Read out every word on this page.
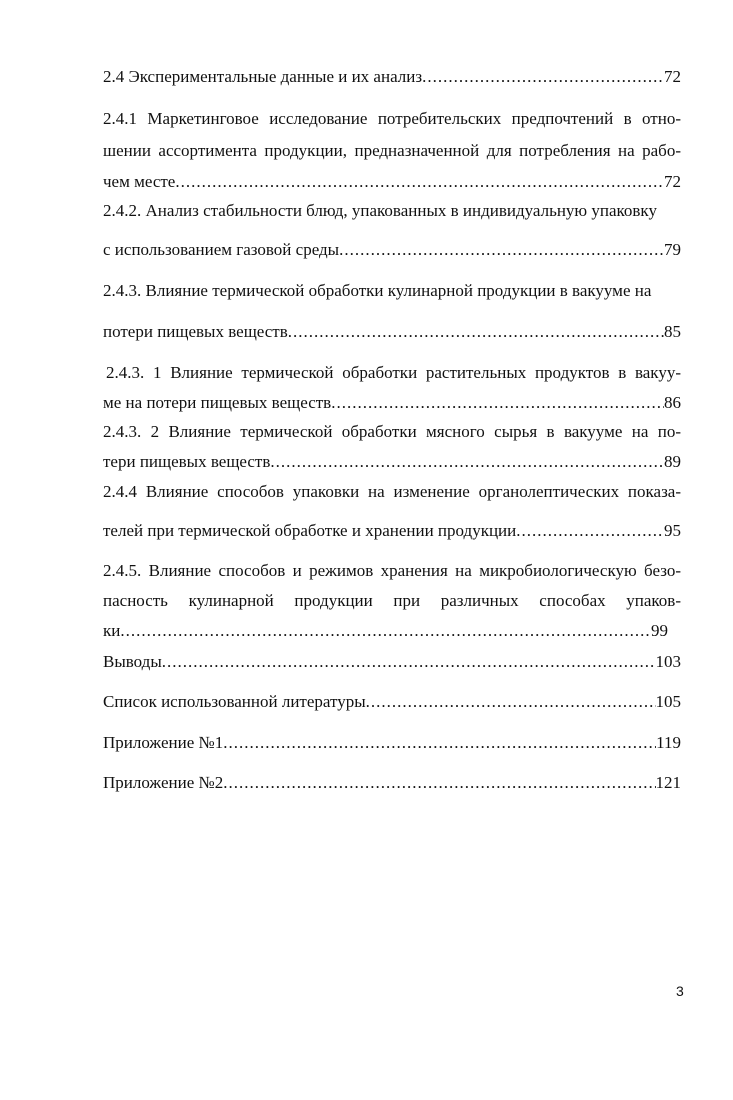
2.4 Экспериментальные данные и их анализ .....	72
2.4.1 Маркетинговое исследование потребительских предпочтений в отно-
шении ассортимента продукции, предназначенной для потребления на рабо-
чем месте .....	72
2.4.2. Анализ стабильности блюд, упакованных в индивидуальную упаковку
с использованием газовой среды .....	79
2.4.3. Влияние термической обработки кулинарной продукции в вакууме на
потери пищевых веществ .....	85
2.4.3. 1 Влияние термической обработки растительных продуктов в вакуу-
ме на потери пищевых веществ .....	86
2.4.3. 2 Влияние термической обработки мясного сырья в вакууме на по-
тери пищевых веществ .....	89
2.4.4 Влияние способов упаковки на изменение органолептических показа-
телей при термической обработке и хранении продукции .....	95
2.4.5. Влияние способов и режимов хранения на микробиологическую безо-
пасность кулинарной продукции при различных способах упаков-
ки .....	99
Выводы .....	103
Список использованной литературы .....	105
Приложение №1 .....	119
Приложение №2 .....	121
3
